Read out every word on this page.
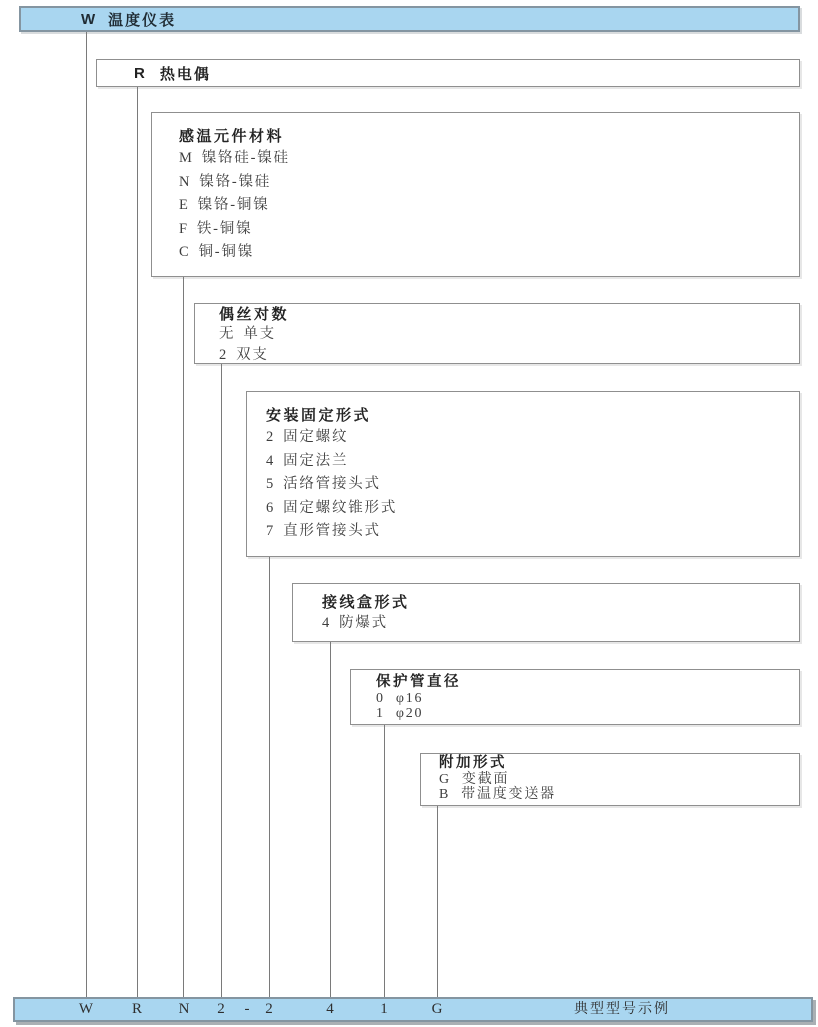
W 温度仪表
R 热电偶
感温元件材料
M 镍铬硅-镍硅
N 镍铬-镍硅
E 镍铬-铜镍
F 铁-铜镍
C 铜-铜镍
偶丝对数
无 单支
2 双支
安装固定形式
2 固定螺纹
4 固定法兰
5 活络管接头式
6 固定螺纹锥形式
7 直形管接头式
接线盒形式
4 防爆式
保护管直径
0 φ16
1 φ20
附加形式
G 变截面
B 带温度变送器
W	R N 2 - 2	4	1	G	典型型号示例
